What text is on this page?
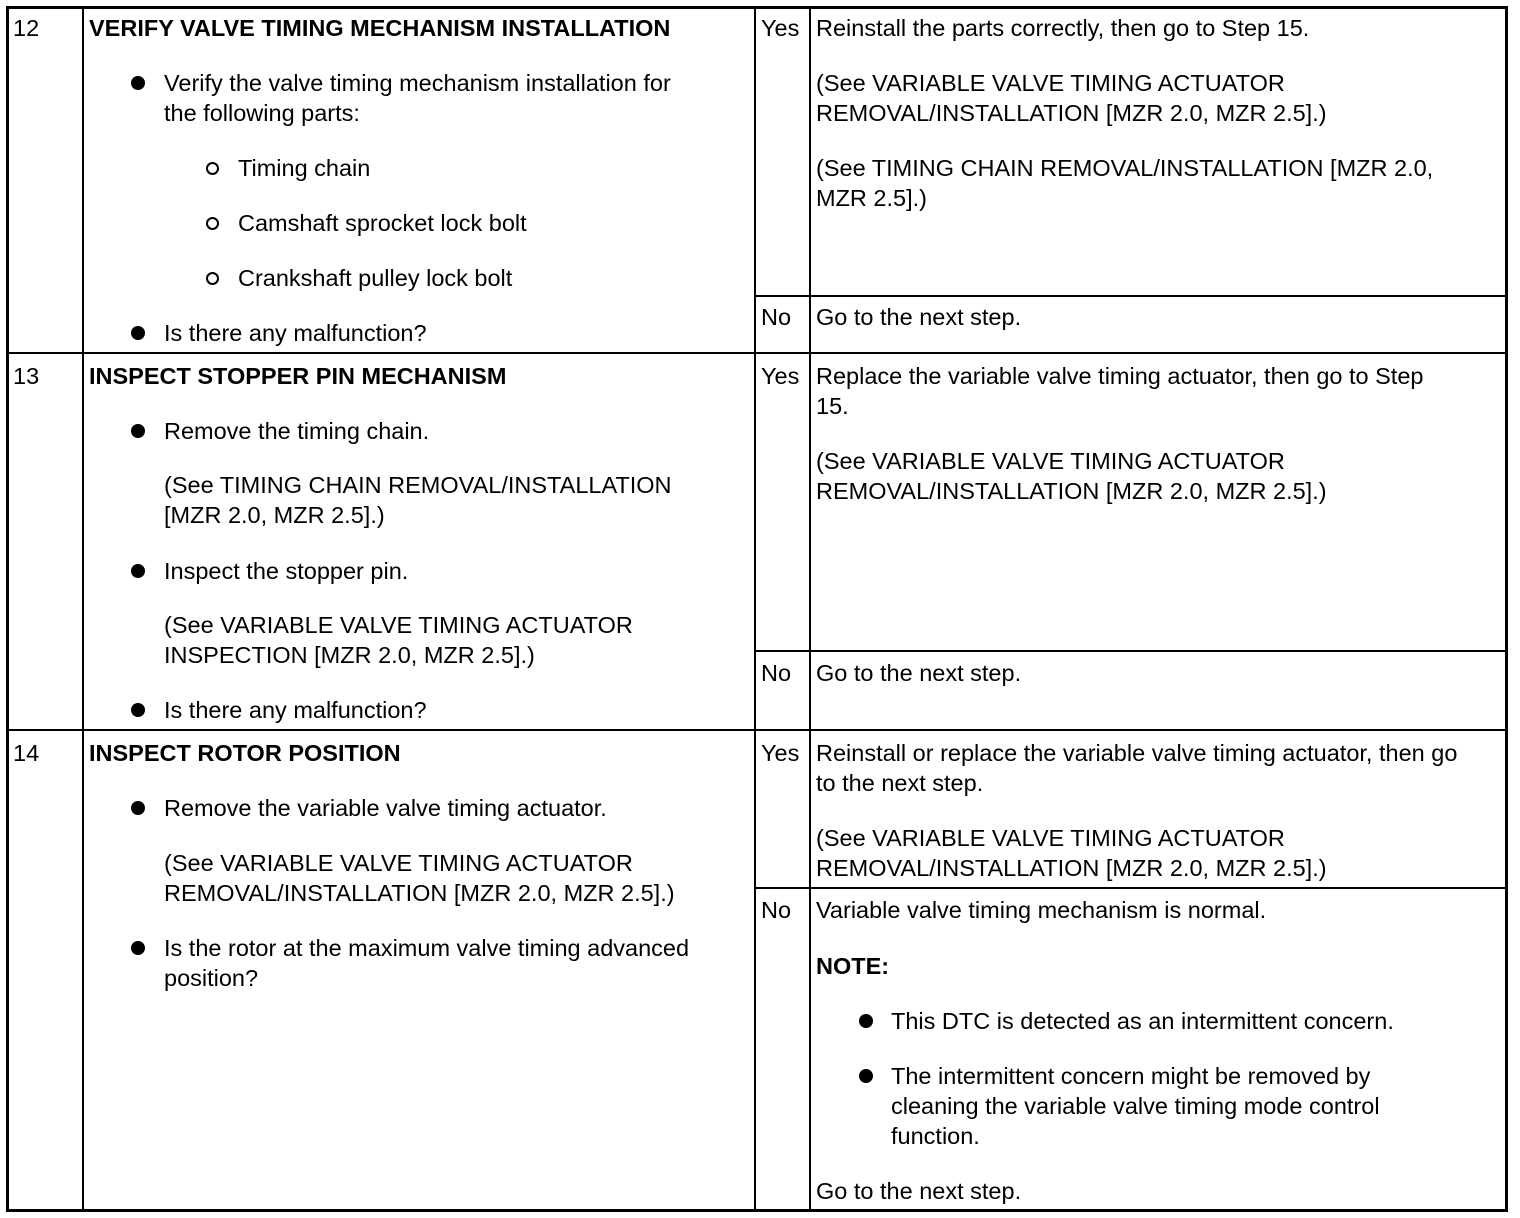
12 VERIFY VALVE TIMING MECHANISM INSTALLATION
Verify the valve timing mechanism installation for
the following parts:
Timing chain
Camshaft sprocket lock bolt
Crankshaft pulley lock bolt
Is there any malfunction?
Yes Reinstall the parts correctly, then go to Step 15.
(See VARIABLE VALVE TIMING ACTUATOR
REMOVAL/INSTALLATION [MZR 2.0, MZR 2.5].)
(See TIMING CHAIN REMOVAL/INSTALLATION [MZR 2.0,
MZR 2.5].)
No Go to the next step.
13 INSPECT STOPPER PIN MECHANISM
Remove the timing chain.
(See TIMING CHAIN REMOVAL/INSTALLATION
[MZR 2.0, MZR 2.5].)
Inspect the stopper pin.
(See VARIABLE VALVE TIMING ACTUATOR
INSPECTION [MZR 2.0, MZR 2.5].)
Is there any malfunction?
Yes Replace the variable valve timing actuator, then go to Step
15.
(See VARIABLE VALVE TIMING ACTUATOR
REMOVAL/INSTALLATION [MZR 2.0, MZR 2.5].)
No Go to the next step.
14 INSPECT ROTOR POSITION
Remove the variable valve timing actuator.
(See VARIABLE VALVE TIMING ACTUATOR
REMOVAL/INSTALLATION [MZR 2.0, MZR 2.5].)
Is the rotor at the maximum valve timing advanced
position?
Yes Reinstall or replace the variable valve timing actuator, then go
to the next step.
(See VARIABLE VALVE TIMING ACTUATOR
REMOVAL/INSTALLATION [MZR 2.0, MZR 2.5].)
No Variable valve timing mechanism is normal.
NOTE:
This DTC is detected as an intermittent concern.
The intermittent concern might be removed by
cleaning the variable valve timing mode control
function.
Go to the next step.
